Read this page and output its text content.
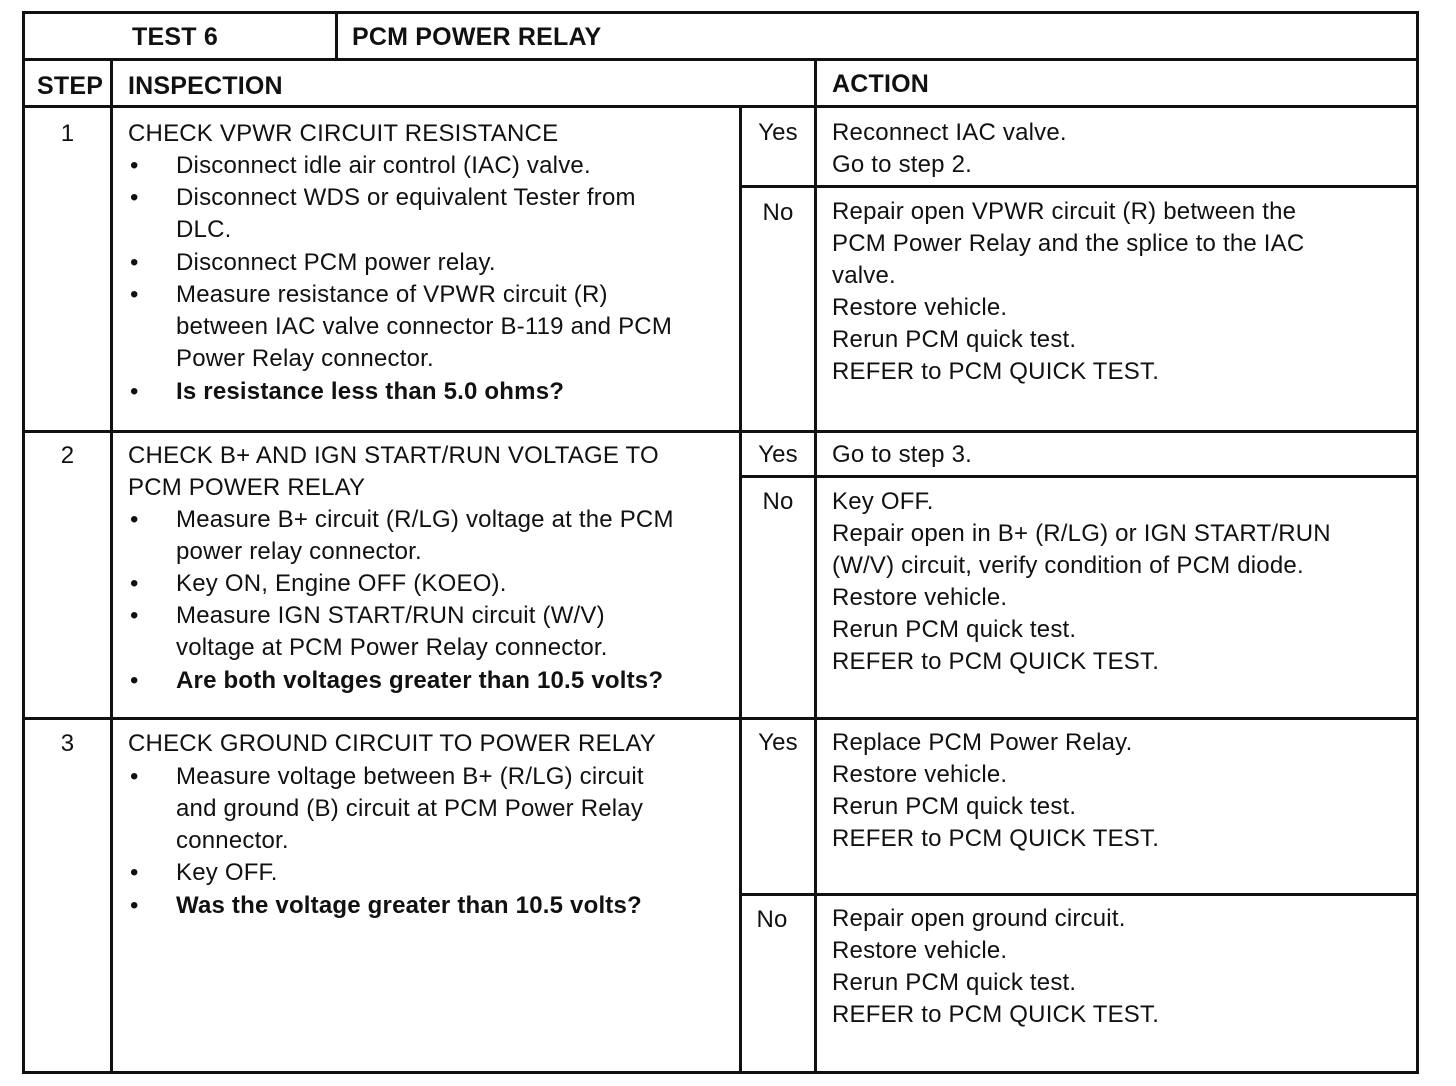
TEST 6	PCM POWER RELAY
STEP INSPECTION	ACTION
1	CHECK VPWR CIRCUIT RESISTANCE
• Disconnect idle air control (IAC) valve.
• Disconnect WDS or equivalent Tester from
DLC.
• Disconnect PCM power relay.
• Measure resistance of VPWR circuit (R)
between IAC valve connector B-119 and PCM
Power Relay connector.
• Is resistance less than 5.0 ohms?
Yes	Reconnect IAC valve.
Go to step 2.
No	Repair open VPWR circuit (R) between the
PCM Power Relay and the splice to the IAC
valve.
Restore vehicle.
Rerun PCM quick test.
REFER to PCM QUICK TEST.
2	CHECK B+ AND IGN START/RUN VOLTAGE TO
PCM POWER RELAY
• Measure B+ circuit (R/LG) voltage at the PCM
power relay connector.
• Key ON, Engine OFF (KOEO).
• Measure IGN START/RUN circuit (W/V)
voltage at PCM Power Relay connector.
• Are both voltages greater than 10.5 volts?
Yes	Go to step 3.
No	Key OFF.
Repair open in B+ (R/LG) or IGN START/RUN
(W/V) circuit, verify condition of PCM diode.
Restore vehicle.
Rerun PCM quick test.
REFER to PCM QUICK TEST.
3	CHECK GROUND CIRCUIT TO POWER RELAY
• Measure voltage between B+ (R/LG) circuit
and ground (B) circuit at PCM Power Relay
connector.
• Key OFF.
• Was the voltage greater than 10.5 volts?
Yes	Replace PCM Power Relay.
Restore vehicle.
Rerun PCM quick test.
REFER to PCM QUICK TEST.
No	Repair open ground circuit.
Restore vehicle.
Rerun PCM quick test.
REFER to PCM QUICK TEST.
